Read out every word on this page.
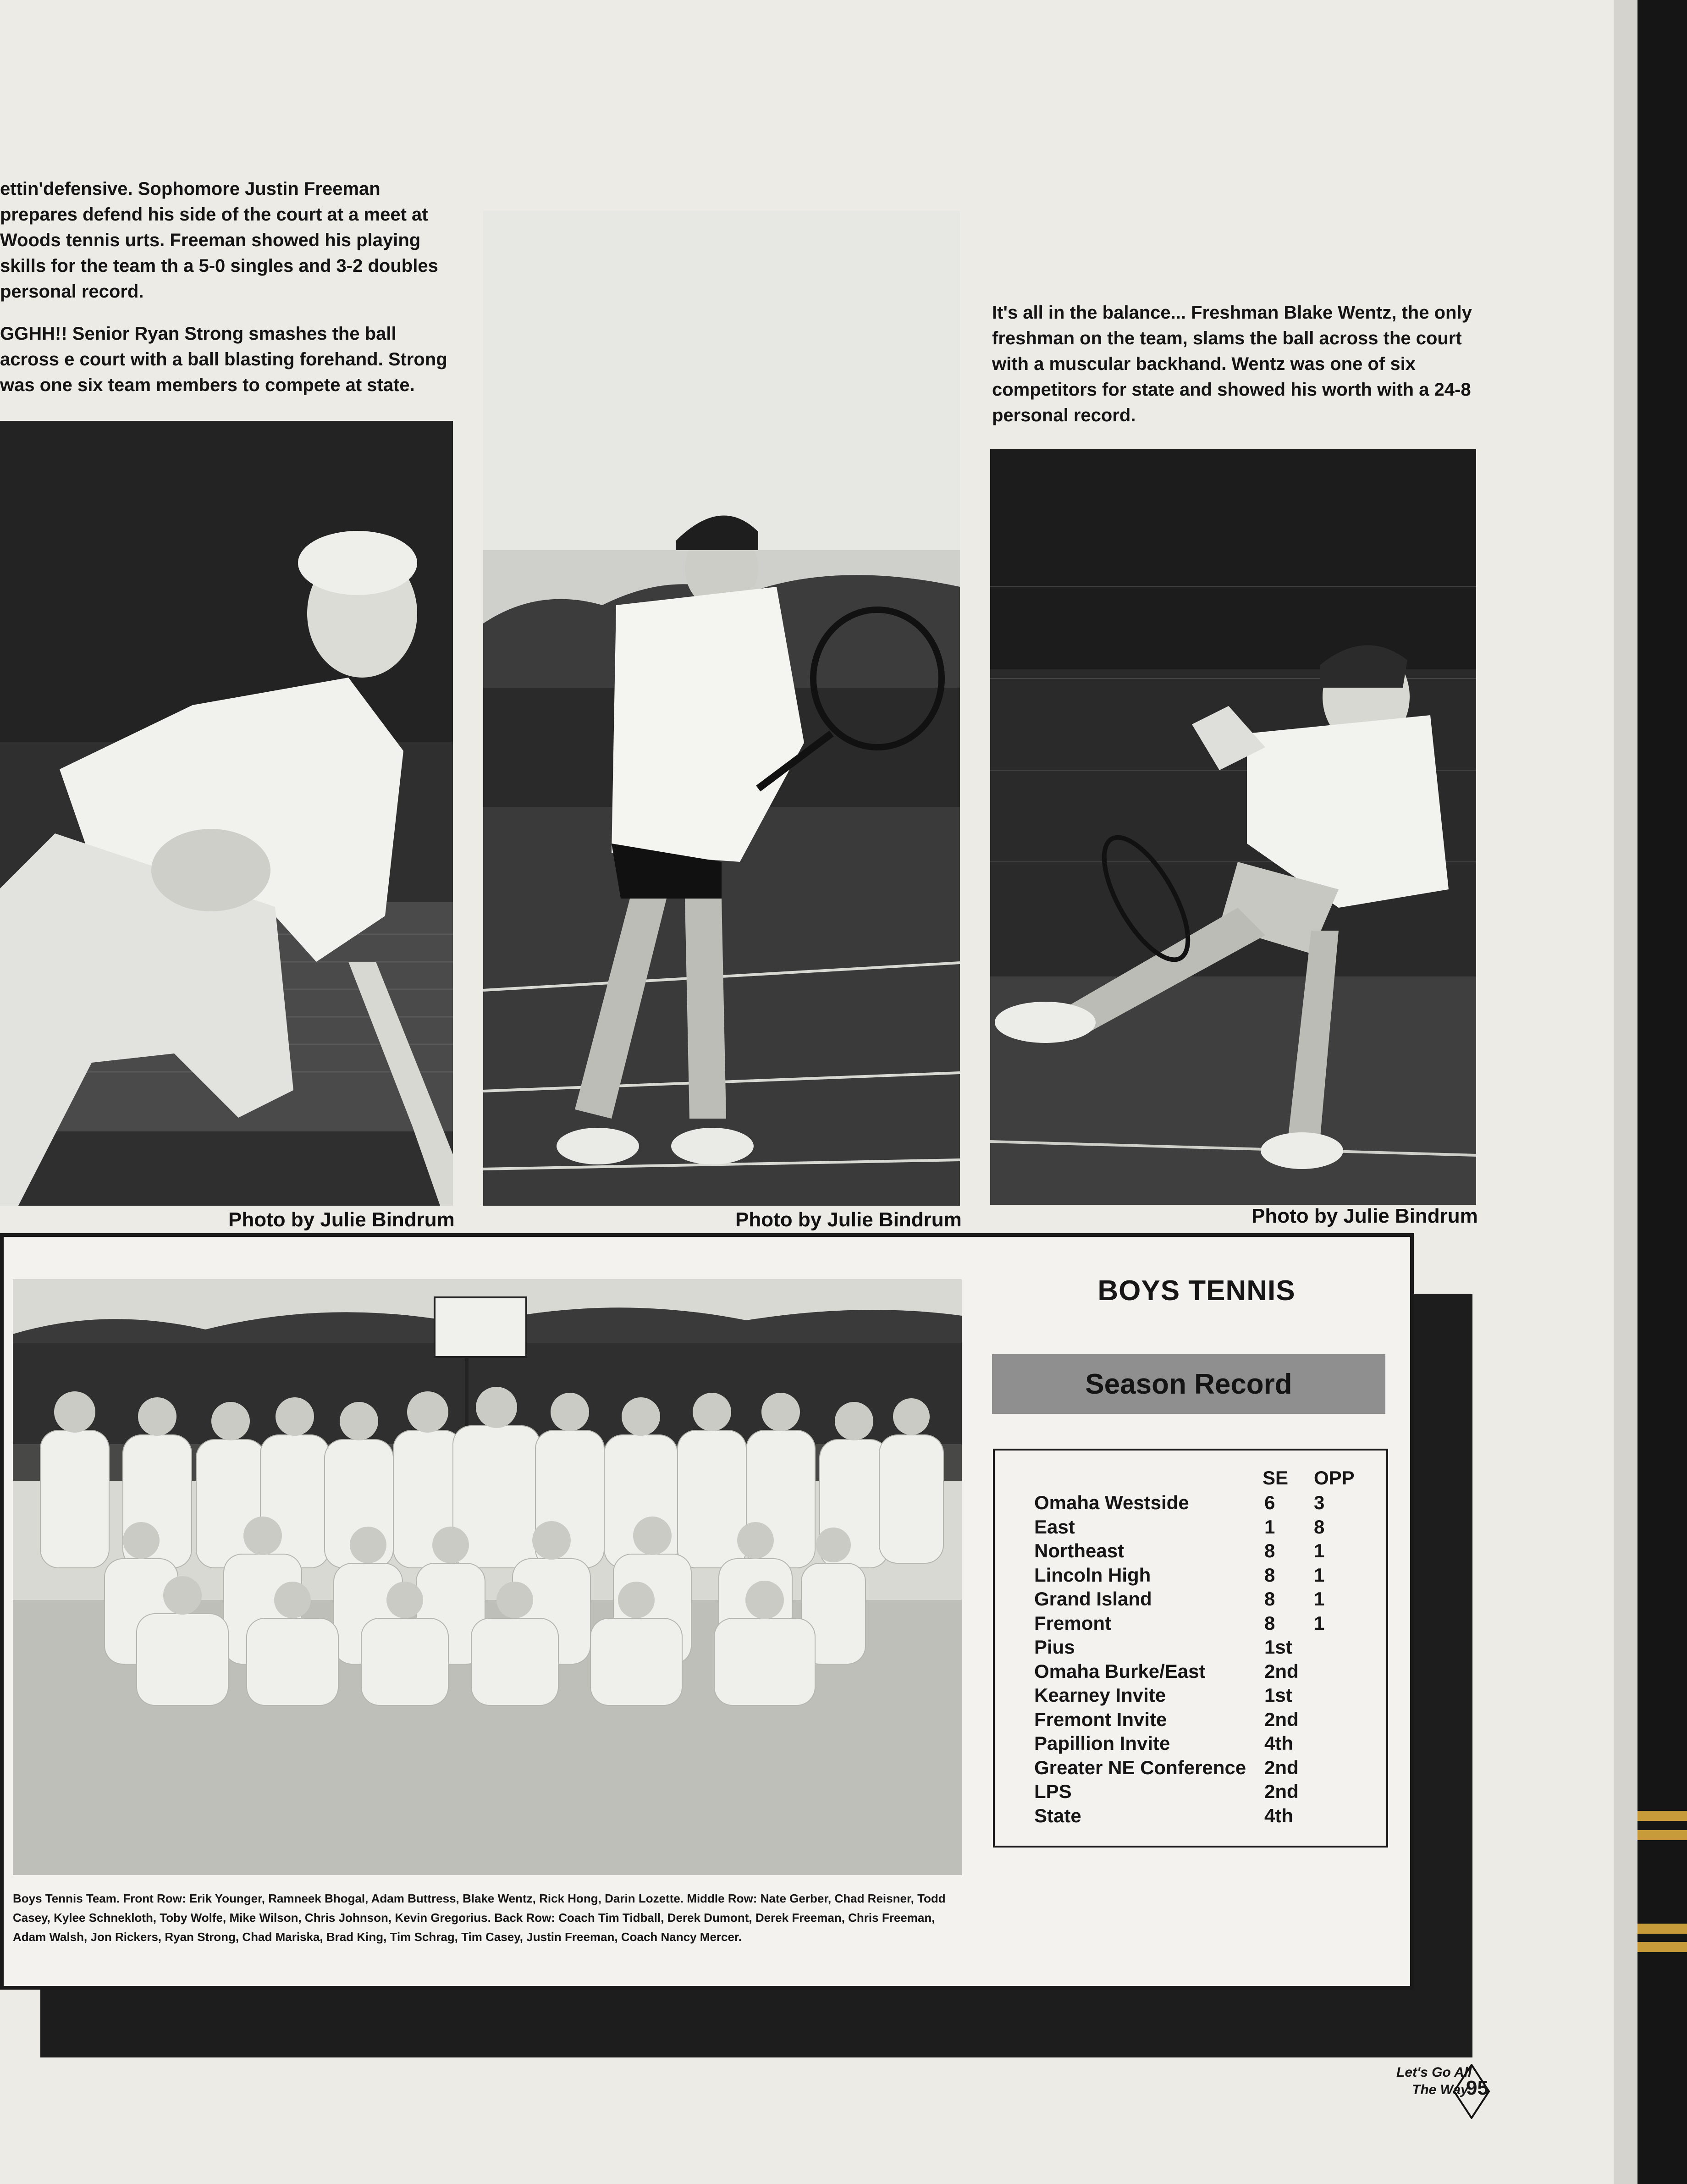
ettin'defensive. Sophomore Justin Freeman prepares defend his side of the court at a meet at Woods tennis urts. Freeman showed his playing skills for the team th a 5-0 singles and 3-2 doubles personal record.
GGHH!! Senior Ryan Strong smashes the ball across e court with a ball blasting forehand. Strong was one six team members to compete at state.
It's all in the balance... Freshman Blake Wentz, the only freshman on the team, slams the ball across the court with a muscular backhand. Wentz was one of six competitors for state and showed his worth with a 24-8 personal record.
Photo by Julie Bindrum	Photo by Julie Bindrum	Photo by Julie Bindrum
Boys Tennis Team. Front Row: Erik Younger, Ramneek Bhogal, Adam Buttress, Blake Wentz, Rick Hong, Darin Lozette. Middle Row: Nate Gerber, Chad Reisner, Todd Casey, Kylee Schnekloth, Toby Wolfe, Mike Wilson, Chris Johnson, Kevin Gregorius. Back Row: Coach Tim Tidball, Derek Dumont, Derek Freeman, Chris Freeman, Adam Walsh, Jon Rickers, Ryan Strong, Chad Mariska, Brad King, Tim Schrag, Tim Casey, Justin Freeman, Coach Nancy Mercer.
BOYS TENNIS
Season Record
SE OPP
Omaha Westside	6 3
East	1 8
Northeast	8 1
Lincoln High	8 1
Grand Island	8 1
Fremont	8 1
Pius	1st
Omaha Burke/East	2nd
Kearney Invite	1st
Fremont Invite	2nd
Papillion Invite	4th
Greater NE Conference 2nd
LPS	2nd
State	4th
Let's Go All
The Way
95
